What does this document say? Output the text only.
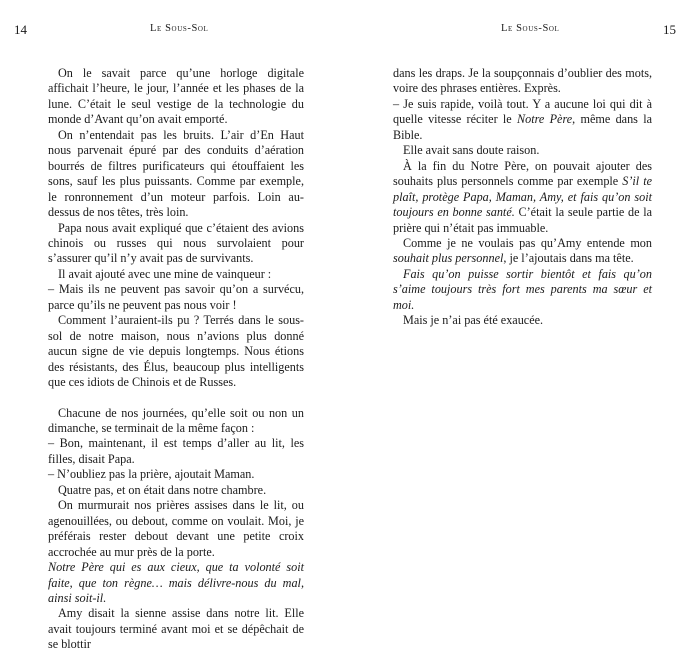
14	Le Sous-Sol

On le savait parce qu’une horloge digitale affichait l’heure, le jour, l’année et les phases de la lune. C’était le seul vestige de la technologie du monde d’Avant qu’on avait emporté.

On n’entendait pas les bruits. L’air d’En Haut nous parvenait épuré par des conduits d’aération bourrés de filtres purificateurs qui étouffaient les sons, sauf les plus puissants. Comme par exemple, le ronronnement d’un moteur parfois. Loin au-dessus de nos têtes, très loin.

Papa nous avait expliqué que c’étaient des avions chinois ou russes qui nous survolaient pour s’assurer qu’il n’y avait pas de survivants.

Il avait ajouté avec une mine de vainqueur :

– Mais ils ne peuvent pas savoir qu’on a survécu, parce qu’ils ne peuvent pas nous voir !

Comment l’auraient-ils pu ? Terrés dans le sous-sol de notre maison, nous n’avions plus donné aucun signe de vie depuis longtemps. Nous étions des résistants, des Élus, beaucoup plus intelligents que ces idiots de Chinois et de Russes.

Chacune de nos journées, qu’elle soit ou non un dimanche, se terminait de la même façon :

– Bon, maintenant, il est temps d’aller au lit, les filles, disait Papa.

– N’oubliez pas la prière, ajoutait Maman.

Quatre pas, et on était dans notre chambre.

On murmurait nos prières assises dans le lit, ou agenouillées, ou debout, comme on voulait. Moi, je préférais rester debout devant une petite croix accrochée au mur près de la porte.

Notre Père qui es aux cieux, que ta volonté soit faite, que ton règne… mais délivre-nous du mal, ainsi soit-il.

Amy disait la sienne assise dans notre lit. Elle avait toujours terminé avant moi et se dépêchait de se blottir

Le Sous-Sol	15

dans les draps. Je la soupçonnais d’oublier des mots, voire des phrases entières. Exprès.

– Je suis rapide, voilà tout. Y a aucune loi qui dit à quelle vitesse réciter le Notre Père, même dans la Bible.

Elle avait sans doute raison.

À la fin du Notre Père, on pouvait ajouter des souhaits plus personnels comme par exemple S’il te plaît, protège Papa, Maman, Amy, et fais qu’on soit toujours en bonne santé. C’était la seule partie de la prière qui n’était pas immuable.

Comme je ne voulais pas qu’Amy entende mon souhait plus personnel, je l’ajoutais dans ma tête.

Fais qu’on puisse sortir bientôt et fais qu’on s’aime toujours très fort mes parents ma sœur et moi.

Mais je n’ai pas été exaucée.
